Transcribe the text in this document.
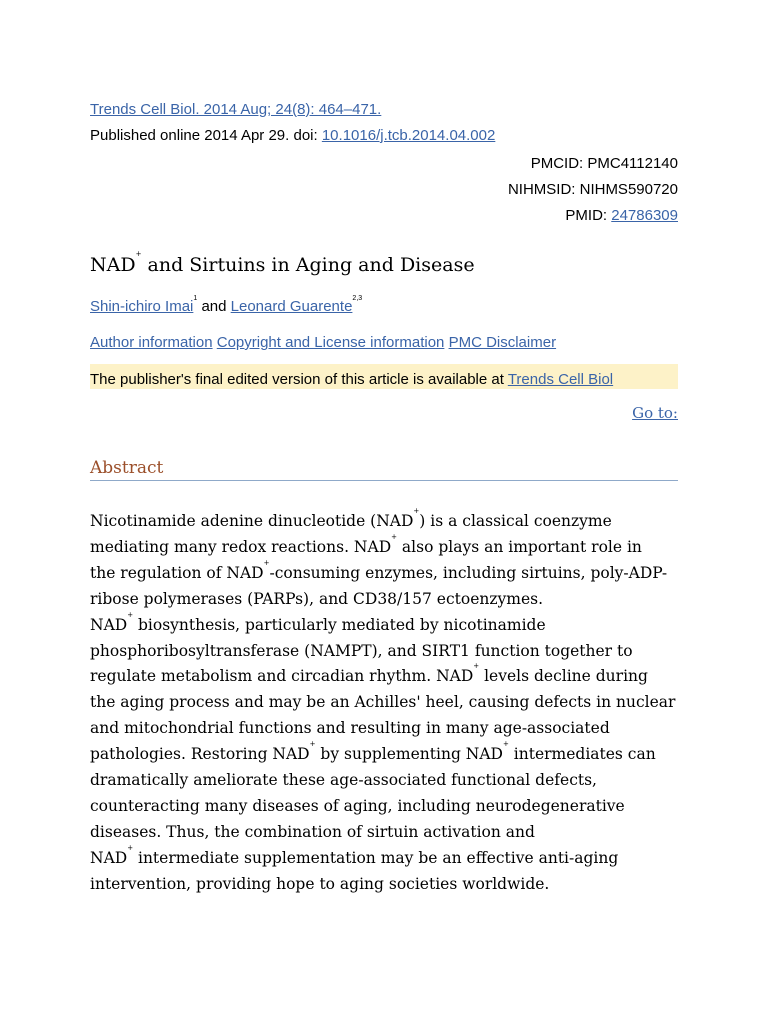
Trends Cell Biol. 2014 Aug; 24(8): 464–471.
Published online 2014 Apr 29. doi: 10.1016/j.tcb.2014.04.002
PMCID: PMC4112140
NIHMSID: NIHMS590720
PMID: 24786309
NAD+ and Sirtuins in Aging and Disease
Shin-ichiro Imai$^1$ and Leonard Guarente$^{2,3}$
Author information Copyright and License information PMC Disclaimer
The publisher's final edited version of this article is available at Trends Cell Biol
Go to:
Abstract

Nicotinamide adenine dinucleotide (NAD+) is a classical coenzyme
mediating many redox reactions. NAD+ also plays an important role in
the regulation of NAD+-consuming enzymes, including sirtuins, poly-ADP-
ribose polymerases (PARPs), and CD38/157 ectoenzymes.
NAD+ biosynthesis, particularly mediated by nicotinamide
phosphoribosyltransferase (NAMPT), and SIRT1 function together to
regulate metabolism and circadian rhythm. NAD+ levels decline during
the aging process and may be an Achilles' heel, causing defects in nuclear
and mitochondrial functions and resulting in many age-associated
pathologies. Restoring NAD+ by supplementing NAD+ intermediates can
dramatically ameliorate these age-associated functional defects,
counteracting many diseases of aging, including neurodegenerative
diseases. Thus, the combination of sirtuin activation and
NAD+ intermediate supplementation may be an effective anti-aging
intervention, providing hope to aging societies worldwide.
